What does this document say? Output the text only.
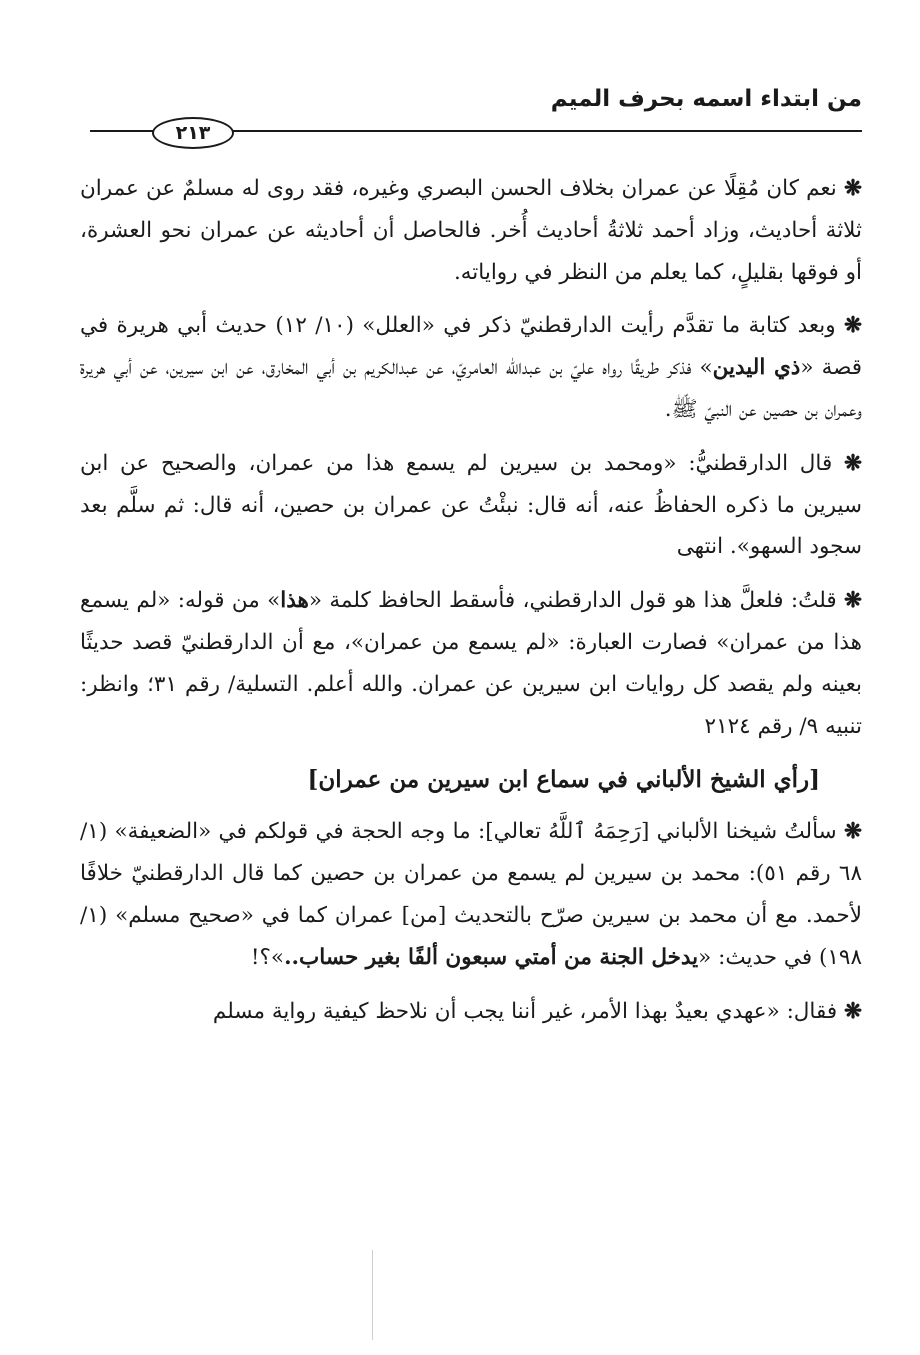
من ابتداء اسمه بحرف الميم
٢١٣

❋ نعم كان مُقِلًا عن عمران بخلاف الحسن البصري وغيره، فقد روى له مسلمٌ عن عمران ثلاثة أحاديث، وزاد أحمد ثلاثةُ أحاديث أُخر. فالحاصل أن أحاديثه عن عمران نحو العشرة، أو فوقها بقليلٍ، كما يعلم من النظر في رواياته.

❋ وبعد كتابة ما تقدَّم رأيت الدارقطنيّ ذكر في «العلل» (١٠/ ١٢) حديث أبي هريرة في قصة «ذي اليدين» فذكر طريقًا رواه عليّ بن عبدالله العامريّ، عن عبدالكريم بن أبي المخارق، عن ابن سيرين، عن أبي هريرة وعمران بن حصين عن النبيّ ﷺ.

❋ قال الدارقطنيُّ: «ومحمد بن سيرين لم يسمع هذا من عمران، والصحيح عن ابن سيرين ما ذكره الحفاظُ عنه، أنه قال: نبئْتُ عن عمران بن حصين، أنه قال: ثم سلَّم بعد سجود السهو». انتهى

❋ قلتُ: فلعلَّ هذا هو قول الدارقطني، فأسقط الحافظ كلمة «هذا» من قوله: «لم يسمع هذا من عمران» فصارت العبارة: «لم يسمع من عمران»، مع أن الدارقطنيّ قصد حديثًا بعينه ولم يقصد كل روايات ابن سيرين عن عمران. والله أعلم. التسلية/ رقم ٣١؛ وانظر: تنبيه ٩/ رقم ٢١٢٤

[رأي الشيخ الألباني في سماع ابن سيرين من عمران]

❋ سألتُ شيخنا الألباني [رَحِمَهُ ٱللَّهُ تعالي]: ما وجه الحجة في قولكم في «الضعيفة» (١/ ٦٨ رقم ٥١): محمد بن سيرين لم يسمع من عمران بن حصين كما قال الدارقطنيّ خلافًا لأحمد. مع أن محمد بن سيرين صرّح بالتحديث [من] عمران كما في «صحيح مسلم» (١/ ١٩٨) في حديث: «يدخل الجنة من أمتي سبعون ألفًا بغير حساب..»؟!

❋ فقال: «عهدي بعيدٌ بهذا الأمر، غير أننا يجب أن نلاحظ كيفية رواية مسلم
